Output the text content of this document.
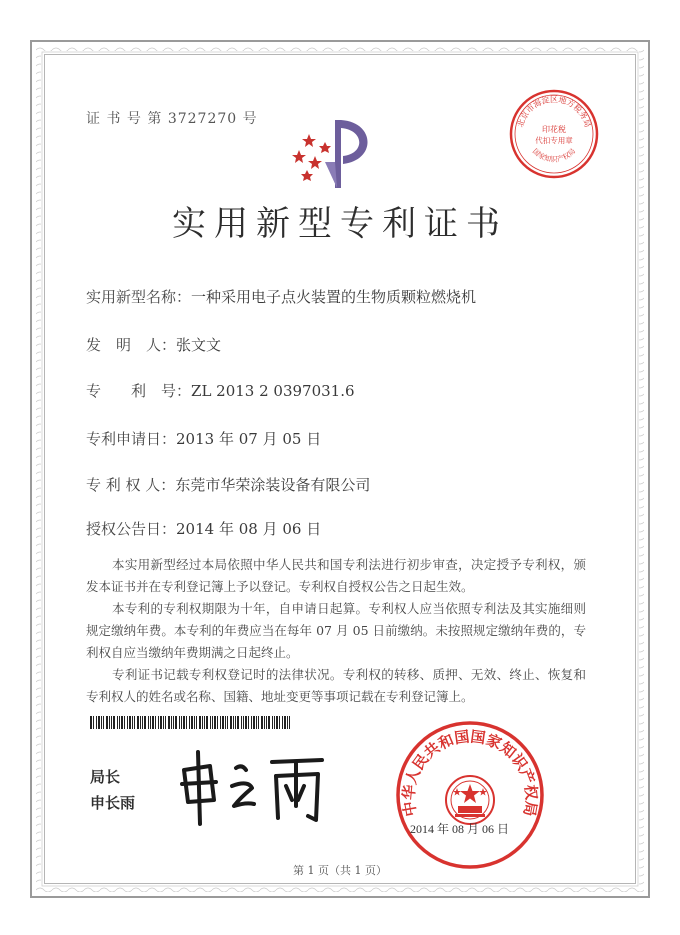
证 书 号 第 3727270 号
实用新型专利证书
实用新型名称：一种采用电子点火装置的生物质颗粒燃烧机
发　明　人：张文文
专　　利　号：ZL 2013 2 0397031.6
专利申请日：2013 年 07 月 05 日
专 利 权 人：东莞市华荣涂装设备有限公司
授权公告日：2014 年 08 月 06 日
本实用新型经过本局依照中华人民共和国专利法进行初步审查，决定授予专利权，颁发本证书并在专利登记簿上予以登记。专利权自授权公告之日起生效。
本专利的专利权期限为十年，自申请日起算。专利权人应当依照专利法及其实施细则规定缴纳年费。本专利的年费应当在每年 07 月 05 日前缴纳。未按照规定缴纳年费的，专利权自应当缴纳年费期满之日起终止。
专利证书记载专利权登记时的法律状况。专利权的转移、质押、无效、终止、恢复和专利权人的姓名或名称、国籍、地址变更等事项记载在专利登记簿上。
局长
申长雨
北京市海淀区地方税务局
印花税
代扣专用章
国家知识产权局
中华人民共和国国家知识产权局
2014 年 08 月 06 日
第 1 页（共 1 页）
